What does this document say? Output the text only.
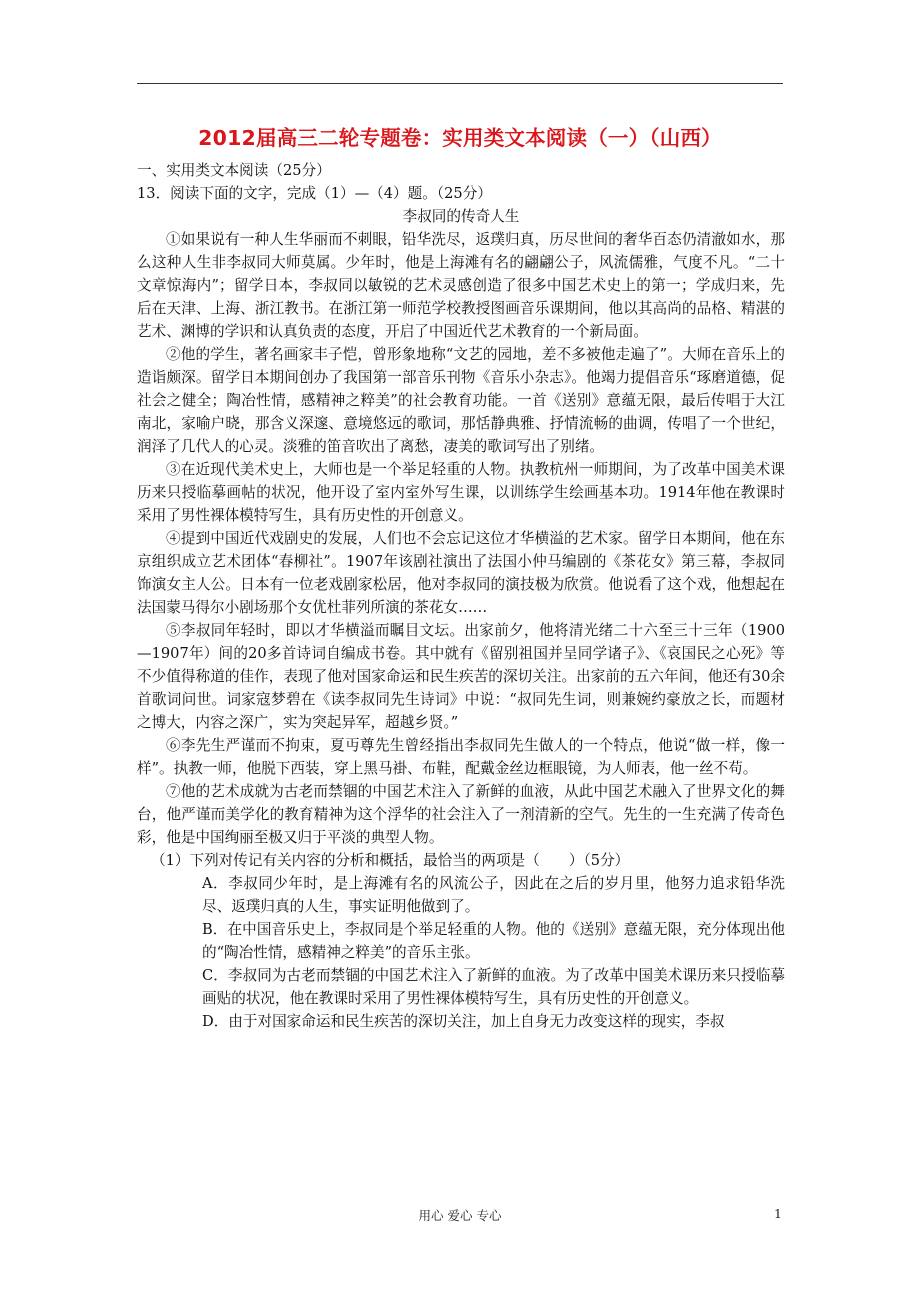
2012届高三二轮专题卷：实用类文本阅读（一）（山西）

一、实用类文本阅读（25分）

13．阅读下面的文字，完成（1）—（4）题。（25分）

李叔同的传奇人生

①如果说有一种人生华丽而不刺眼，铅华洗尽，返璞归真，历尽世间的奢华百态仍清澈如水，那么这种人生非李叔同大师莫属。少年时，他是上海滩有名的翩翩公子，风流儒雅，气度不凡。“二十文章惊海内”；留学日本，李叔同以敏锐的艺术灵感创造了很多中国艺术史上的第一；学成归来，先后在天津、上海、浙江教书。在浙江第一师范学校教授图画音乐课期间，他以其高尚的品格、精湛的艺术、渊博的学识和认真负责的态度，开启了中国近代艺术教育的一个新局面。

②他的学生，著名画家丰子恺，曾形象地称“文艺的园地，差不多被他走遍了”。大师在音乐上的造诣颇深。留学日本期间创办了我国第一部音乐刊物《音乐小杂志》。他竭力提倡音乐“琢磨道德，促社会之健全；陶冶性情，感精神之粹美”的社会教育功能。一首《送别》意蕴无限，最后传唱于大江南北，家喻户晓，那含义深邃、意境悠远的歌词，那恬静典雅、抒情流畅的曲调，传唱了一个世纪，润泽了几代人的心灵。淡雅的笛音吹出了离愁，凄美的歌词写出了别绪。

③在近现代美术史上，大师也是一个举足轻重的人物。执教杭州一师期间，为了改革中国美术课历来只授临摹画帖的状况，他开设了室内室外写生课，以训练学生绘画基本功。1914年他在教课时采用了男性裸体模特写生，具有历史性的开创意义。

④提到中国近代戏剧史的发展，人们也不会忘记这位才华横溢的艺术家。留学日本期间，他在东京组织成立艺术团体“春柳社”。1907年该剧社演出了法国小仲马编剧的《茶花女》第三幕，李叔同饰演女主人公。日本有一位老戏剧家松居，他对李叔同的演技极为欣赏。他说看了这个戏，他想起在法国蒙马得尔小剧场那个女优杜菲列所演的茶花女……

⑤李叔同年轻时，即以才华横溢而瞩目文坛。出家前夕，他将清光绪二十六至三十三年（1900—1907年）间的20多首诗词自编成书卷。其中就有《留别祖国并呈同学诸子》、《哀国民之心死》等不少值得称道的佳作，表现了他对国家命运和民生疾苦的深切关注。出家前的五六年间，他还有30余首歌词问世。词家寇梦碧在《读李叔同先生诗词》中说：“叔同先生词，则兼婉约豪放之长，而题材之博大，内容之深广，实为突起异军，超越乡贤。”

⑥李先生严谨而不拘束，夏丏尊先生曾经指出李叔同先生做人的一个特点，他说“做一样，像一样”。执教一师，他脱下西装，穿上黑马褂、布鞋，配戴金丝边框眼镜，为人师表，他一丝不苟。

⑦他的艺术成就为古老而禁锢的中国艺术注入了新鲜的血液，从此中国艺术融入了世界文化的舞台，他严谨而美学化的教育精神为这个浮华的社会注入了一剂清新的空气。先生的一生充满了传奇色彩，他是中国绚丽至极又归于平淡的典型人物。

（1）下列对传记有关内容的分析和概括，最恰当的两项是（　　）（5分）

A．李叔同少年时，是上海滩有名的风流公子，因此在之后的岁月里，他努力追求铅华洗尽、返璞归真的人生，事实证明他做到了。

B．在中国音乐史上，李叔同是个举足轻重的人物。他的《送别》意蕴无限，充分体现出他的“陶冶性情，感精神之粹美”的音乐主张。

C．李叔同为古老而禁锢的中国艺术注入了新鲜的血液。为了改革中国美术课历来只授临摹画贴的状况，他在教课时采用了男性裸体模特写生，具有历史性的开创意义。

D．由于对国家命运和民生疾苦的深切关注，加上自身无力改变这样的现实，李叔

用心 爱心 专心	1
